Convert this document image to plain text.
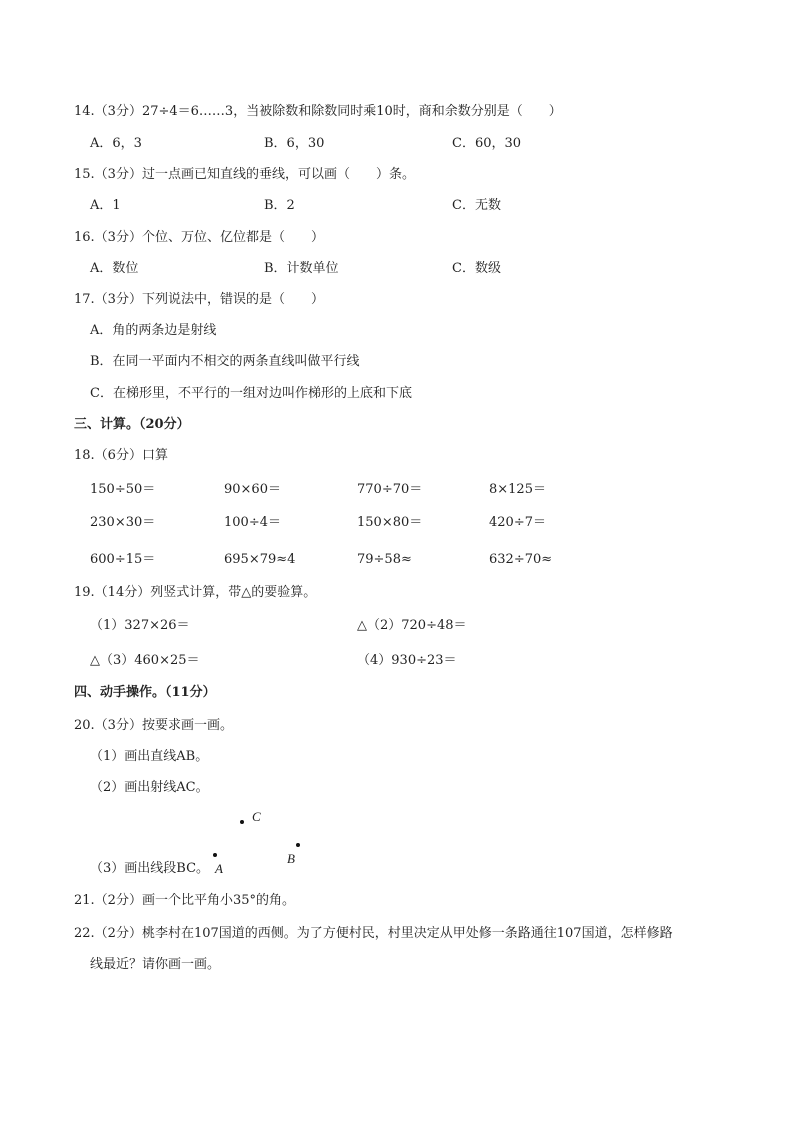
14.（3分）27÷4＝6……3，当被除数和除数同时乘10时，商和余数分别是（　　）
A．6，3	B．6，30	C．60，30
15.（3分）过一点画已知直线的垂线，可以画（　　）条。
A．1	B．2	C．无数
16.（3分）个位、万位、亿位都是（　　）
A．数位	B．计数单位	C．数级
17.（3分）下列说法中，错误的是（　　）
A．角的两条边是射线
B．在同一平面内不相交的两条直线叫做平行线
C．在梯形里，不平行的一组对边叫作梯形的上底和下底
三、计算。（20分）
18.（6分）口算
150÷50＝	90×60＝	770÷70＝	8×125＝
230×30＝	100÷4＝	150×80＝	420÷7＝
600÷15＝	695×79≈4	79÷58≈	632÷70≈
19.（14分）列竖式计算，带△的要验算。
（1）327×26＝	△（2）720÷48＝
△（3）460×25＝	（4）930÷23＝
四、动手操作。（11分）
20.（3分）按要求画一画。
（1）画出直线AB。
（2）画出射线AC。
（3）画出线段BC。
C
B
A
21.（2分）画一个比平角小35°的角。
22.（2分）桃李村在107国道的西侧。为了方便村民，村里决定从甲处修一条路通往107国道，怎样修路
线最近？请你画一画。
